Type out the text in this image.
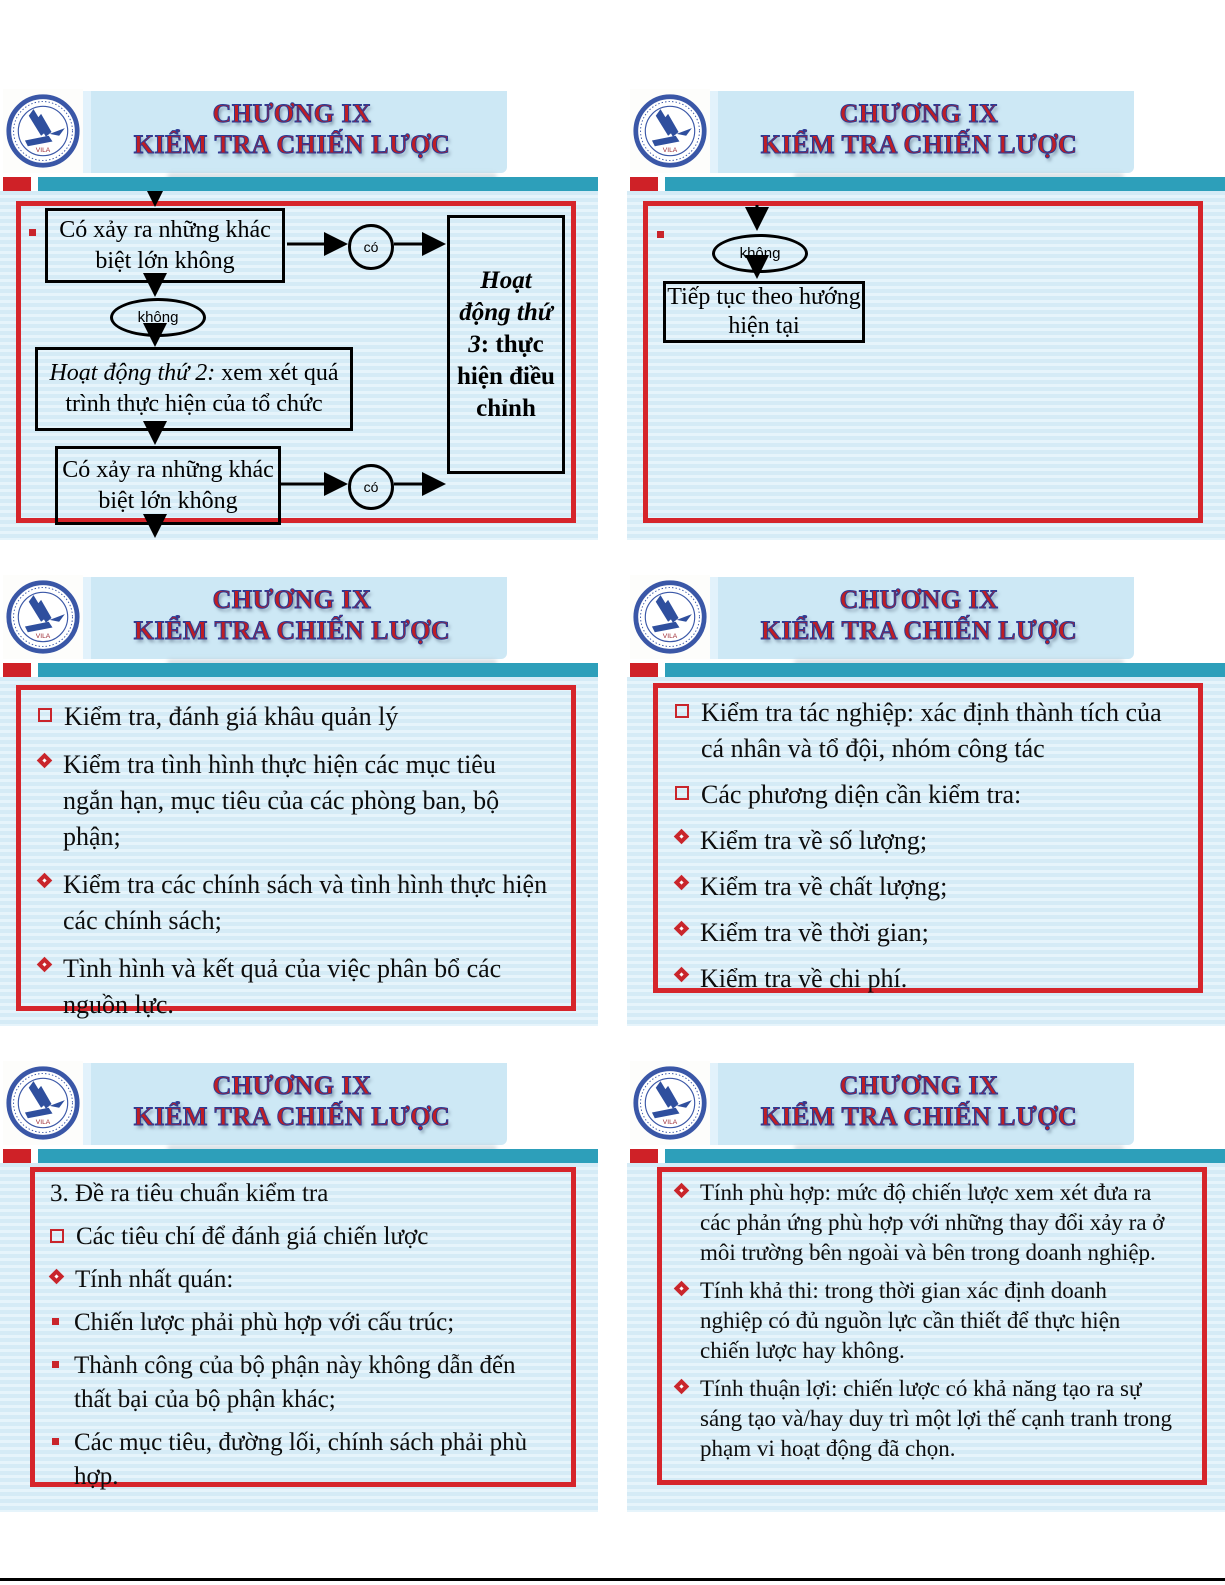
CHƯƠNG IX
KIỂM TRA CHIẾN LƯỢC
VILA
Có xảy ra những khác biệt lớn không
có
Hoạt động thứ 3: thực hiện điều chỉnh
không
Hoạt động thứ 2: xem xét quá trình thực hiện của tổ chức
Có xảy ra những khác biệt lớn không
có
CHƯƠNG IX
KIỂM TRA CHIẾN LƯỢC
VILA
không
Tiếp tục theo hướng hiện tại
CHƯƠNG IX
KIỂM TRA CHIẾN LƯỢC
VILA
Kiểm tra, đánh giá khâu quản lý
Kiểm tra tình hình thực hiện các mục tiêu ngắn hạn, mục tiêu của các phòng ban, bộ phận;
Kiểm tra các chính sách và tình hình thực hiện các chính sách;
Tình hình và kết quả của việc phân bổ các nguồn lực.
CHƯƠNG IX
KIỂM TRA CHIẾN LƯỢC
VILA
Kiểm tra tác nghiệp: xác định thành tích của cá nhân và tổ đội, nhóm công tác
Các phương diện cần kiểm tra:
Kiểm tra về số lượng;
Kiểm tra về chất lượng;
Kiểm tra về thời gian;
Kiểm tra về chi phí.
CHƯƠNG IX
KIỂM TRA CHIẾN LƯỢC
VILA
3. Đề ra tiêu chuẩn kiểm tra
Các tiêu chí để đánh giá chiến lược
Tính nhất quán:
Chiến lược phải phù hợp với cấu trúc;
Thành công của bộ phận này không dẫn đến thất bại của bộ phận khác;
Các mục tiêu, đường lối, chính sách phải phù hợp.
CHƯƠNG IX
KIỂM TRA CHIẾN LƯỢC
VILA
Tính phù hợp: mức độ chiến lược xem xét đưa ra các phản ứng phù hợp với những thay đổi xảy ra ở môi trường bên ngoài và bên trong doanh nghiệp.
Tính khả thi: trong thời gian xác định doanh nghiệp có đủ nguồn lực cần thiết để thực hiện chiến lược hay không.
Tính thuận lợi: chiến lược có khả năng tạo ra sự sáng tạo và/hay duy trì một lợi thế cạnh tranh trong phạm vi hoạt động đã chọn.
